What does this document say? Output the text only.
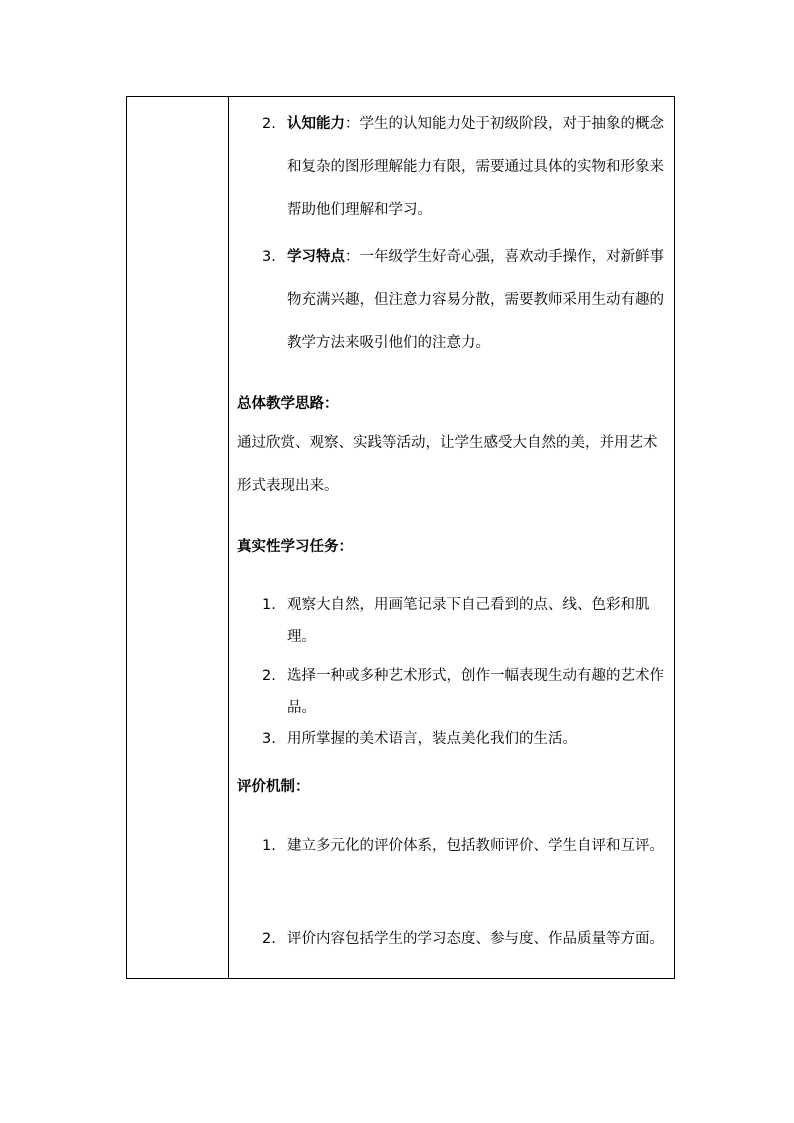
2. 认知能力：学生的认知能力处于初级阶段，对于抽象的概念和复杂的图形理解能力有限，需要通过具体的实物和形象来帮助他们理解和学习。
3. 学习特点：一年级学生好奇心强，喜欢动手操作，对新鲜事物充满兴趣，但注意力容易分散，需要教师采用生动有趣的教学方法来吸引他们的注意力。
总体教学思路：
通过欣赏、观察、实践等活动，让学生感受大自然的美，并用艺术形式表现出来。
真实性学习任务：
1. 观察大自然，用画笔记录下自己看到的点、线、色彩和肌理。
2. 选择一种或多种艺术形式，创作一幅表现生动有趣的艺术作品。
3. 用所掌握的美术语言，装点美化我们的生活。
评价机制：
1. 建立多元化的评价体系，包括教师评价、学生自评和互评。
2. 评价内容包括学生的学习态度、参与度、作品质量等方面。
